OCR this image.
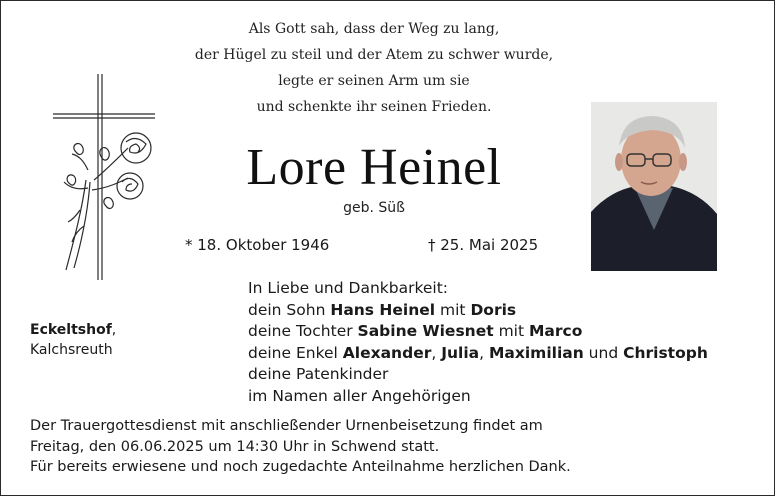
Als Gott sah, dass der Weg zu lang,
der Hügel zu steil und der Atem zu schwer wurde,
legte er seinen Arm um sie
und schenkte ihr seinen Frieden.
Lore Heinel
geb. Süß
* 18. Oktober 1946	† 25. Mai 2025
Eckeltshof,
Kalchsreuth
In Liebe und Dankbarkeit:
dein Sohn Hans Heinel mit Doris
deine Tochter Sabine Wiesnet mit Marco
deine Enkel Alexander, Julia, Maximilian und Christoph
deine Patenkinder
im Namen aller Angehörigen
Der Trauergottesdienst mit anschließender Urnenbeisetzung findet am
Freitag, den 06.06.2025 um 14:30 Uhr in Schwend statt.
Für bereits erwiesene und noch zugedachte Anteilnahme herzlichen Dank.
